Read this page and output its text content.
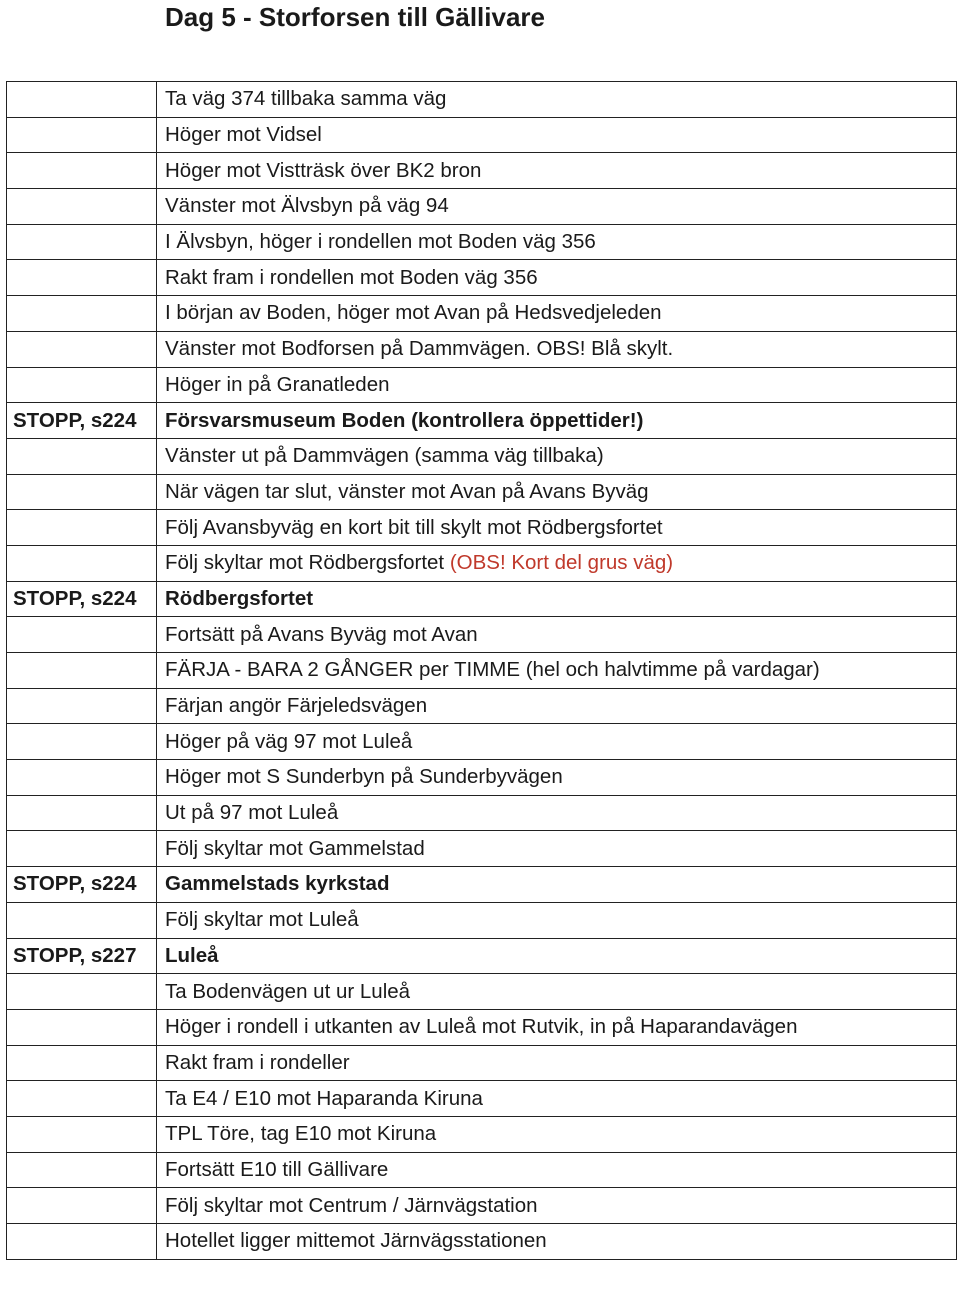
Dag 5 - Storforsen till Gällivare
	Ta väg 374 tillbaka samma väg
	Höger mot Vidsel
	Höger mot Vistträsk över BK2 bron
	Vänster mot Älvsbyn på väg 94
	I Älvsbyn, höger i rondellen mot Boden väg 356
	Rakt fram i rondellen mot Boden väg 356
	I början av Boden, höger mot Avan på Hedsvedjeleden
	Vänster mot Bodforsen på Dammvägen. OBS! Blå skylt.
	Höger in på Granatleden
STOPP, s224	Försvarsmuseum Boden (kontrollera öppettider!)
	Vänster ut på Dammvägen (samma väg tillbaka)
	När vägen tar slut, vänster mot Avan på Avans Byväg
	Följ Avansbyväg en kort bit till skylt mot Rödbergsfortet
	Följ skyltar mot Rödbergsfortet (OBS! Kort del grus väg)
STOPP, s224	Rödbergsfortet
	Fortsätt på Avans Byväg mot Avan
	FÄRJA - BARA 2 GÅNGER per TIMME (hel och halvtimme på vardagar)
	Färjan angör Färjeledsvägen
	Höger på väg 97 mot Luleå
	Höger mot S Sunderbyn på Sunderbyvägen
	Ut på 97 mot Luleå
	Följ skyltar mot Gammelstad
STOPP, s224	Gammelstads kyrkstad
	Följ skyltar mot Luleå
STOPP, s227	Luleå
	Ta Bodenvägen ut ur Luleå
	Höger i rondell i utkanten av Luleå mot Rutvik, in på Haparandavägen
	Rakt fram i rondeller
	Ta E4 / E10 mot Haparanda Kiruna
	TPL Töre, tag E10 mot Kiruna
	Fortsätt E10 till Gällivare
	Följ skyltar mot Centrum / Järnvägstation
	Hotellet ligger mittemot Järnvägsstationen
